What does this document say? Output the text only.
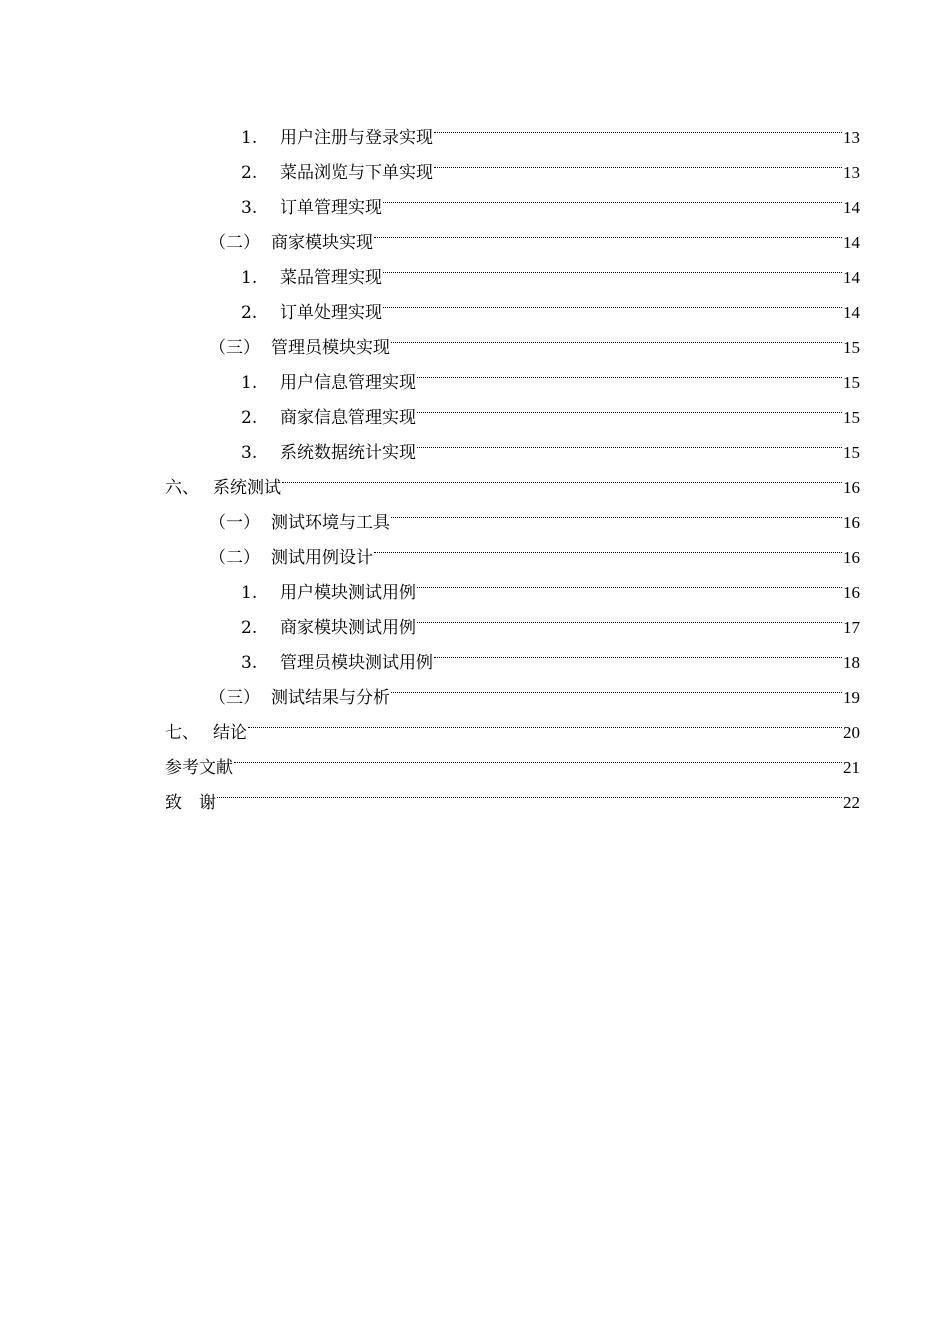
1.	用户注册与登录实现	13
2.	菜品浏览与下单实现	13
3.	订单管理实现	14
（二） 商家模块实现	14
1.	菜品管理实现	14
2.	订单处理实现	14
（三） 管理员模块实现	15
1.	用户信息管理实现	15
2.	商家信息管理实现	15
3.	系统数据统计实现	15
六、 系统测试	16
（一） 测试环境与工具	16
（二） 测试用例设计	16
1.	用户模块测试用例	16
2.	商家模块测试用例	17
3.	管理员模块测试用例	18
（三） 测试结果与分析	19
七、 结论	20
参考文献	21
致　谢	22
